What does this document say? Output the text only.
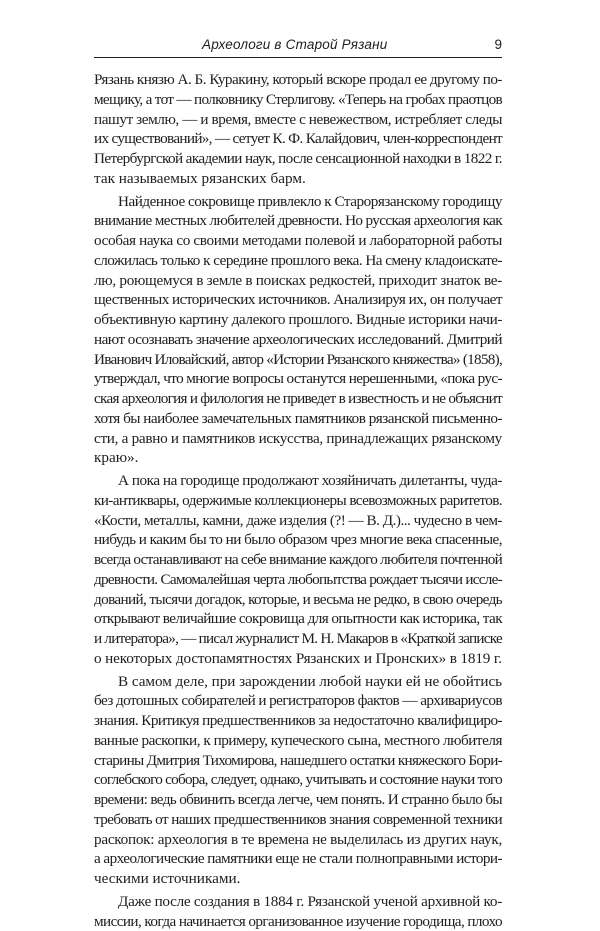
Археологи в Старой Рязани	9

Рязань князю А. Б. Куракину, который вскоре продал ее другому по-
мещику, а тот — полковнику Стерлигову. «Теперь на гробах праотцов
пашут землю, — и время, вместе с невежеством, истребляет следы
их существований», — сетует К. Ф. Калайдович, член-корреспондент
Петербургской академии наук, после сенсационной находки в 1822 г.
так называемых рязанских барм.

Найденное сокровище привлекло к Старорязанскому городищу
внимание местных любителей древности. Но русская археология как
особая наука со своими методами полевой и лабораторной работы
сложилась только к середине прошлого века. На смену кладоискате-
лю, роющемуся в земле в поисках редкостей, приходит знаток ве-
щественных исторических источников. Анализируя их, он получает
объективную картину далекого прошлого. Видные историки начи-
нают осознавать значение археологических исследований. Дмитрий
Иванович Иловайский, автор «Истории Рязанского княжества» (1858),
утверждал, что многие вопросы останутся нерешенными, «пока рус-
ская археология и филология не приведет в известность и не объяснит
хотя бы наиболее замечательных памятников рязанской письменно-
сти, а равно и памятников искусства, принадлежащих рязанскому
краю».

А пока на городище продолжают хозяйничать дилетанты, чуда-
ки-антиквары, одержимые коллекционеры всевозможных раритетов.
«Кости, металлы, камни, даже изделия (?! — В. Д.)... чудесно в чем-
нибудь и каким бы то ни было образом чрез многие века спасенные,
всегда останавливают на себе внимание каждого любителя почтенной
древности. Самомалейшая черта любопытства рождает тысячи иссле-
дований, тысячи догадок, которые, и весьма не редко, в свою очередь
открывают величайшие сокровища для опытности как историка, так
и литератора», — писал журналист М. Н. Макаров в «Краткой записке
о некоторых достопамятностях Рязанских и Пронских» в 1819 г.

В самом деле, при зарождении любой науки ей не обойтись
без дотошных собирателей и регистраторов фактов — архивариусов
знания. Критикуя предшественников за недостаточно квалифициро-
ванные раскопки, к примеру, купеческого сына, местного любителя
старины Дмитрия Тихомирова, нашедшего остатки княжеского Бори-
соглебского собора, следует, однако, учитывать и состояние науки того
времени: ведь обвинить всегда легче, чем понять. И странно было бы
требовать от наших предшественников знания современной техники
раскопок: археология в те времена не выделилась из других наук,
а археологические памятники еще не стали полноправными истори-
ческими источниками.

Даже после создания в 1884 г. Рязанской ученой архивной ко-
миссии, когда начинается организованное изучение городища, плохо
